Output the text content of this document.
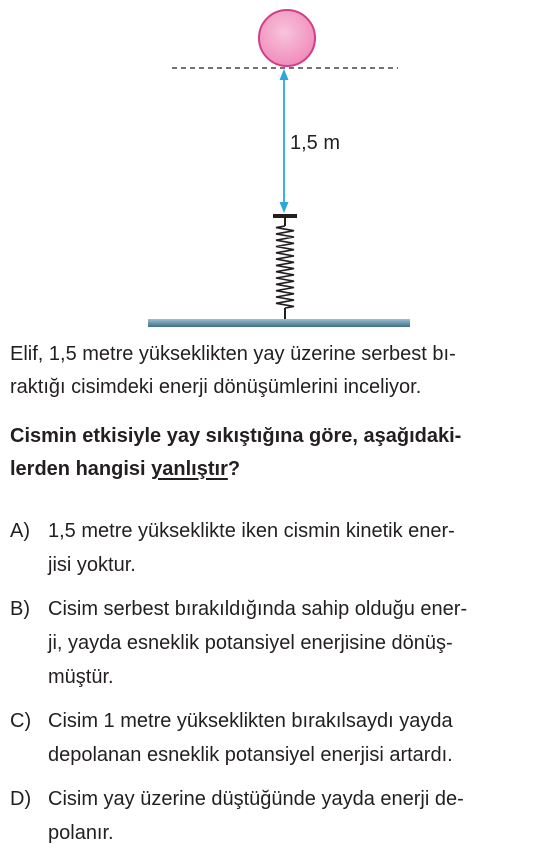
1,5 m

Elif, 1,5 metre yükseklikten yay üzerine serbest bı-
raktığı cisimdeki enerji dönüşümlerini inceliyor.

Cismin etkisiyle yay sıkıştığına göre, aşağıdaki-
lerden hangisi yanlıştır?

A) 1,5 metre yükseklikte iken cismin kinetik ener-
jisi yoktur.
B) Cisim serbest bırakıldığında sahip olduğu ener-
ji, yayda esneklik potansiyel enerjisine dönüş-
müştür.
C) Cisim 1 metre yükseklikten bırakılsaydı yayda
depolanan esneklik potansiyel enerjisi artardı.
D) Cisim yay üzerine düştüğünde yayda enerji de-
polanır.
